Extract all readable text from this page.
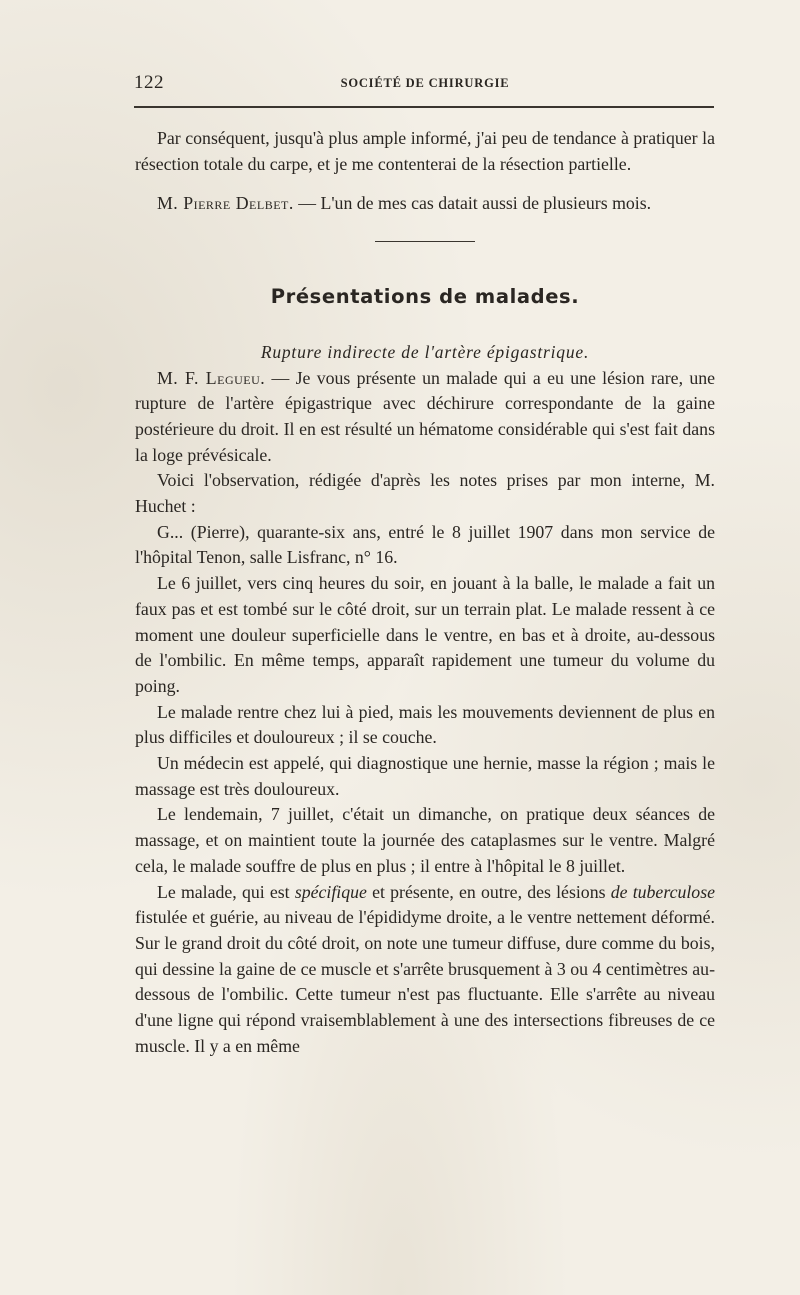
122	SOCIÉTÉ DE CHIRURGIE

Par conséquent, jusqu'à plus ample informé, j'ai peu de tendance à pratiquer la résection totale du carpe, et je me contenterai de la résection partielle.

M. Pierre Delbet. — L'un de mes cas datait aussi de plusieurs mois.

Présentations de malades.
Rupture indirecte de l'artère épigastrique.

M. F. Legueu. — Je vous présente un malade qui a eu une lésion rare, une rupture de l'artère épigastrique avec déchirure correspondante de la gaine postérieure du droit. Il en est résulté un hématome considérable qui s'est fait dans la loge prévésicale.

Voici l'observation, rédigée d'après les notes prises par mon interne, M. Huchet :

G... (Pierre), quarante-six ans, entré le 8 juillet 1907 dans mon service de l'hôpital Tenon, salle Lisfranc, n° 16.

Le 6 juillet, vers cinq heures du soir, en jouant à la balle, le malade a fait un faux pas et est tombé sur le côté droit, sur un terrain plat. Le malade ressent à ce moment une douleur superficielle dans le ventre, en bas et à droite, au-dessous de l'ombilic. En même temps, apparaît rapidement une tumeur du volume du poing.

Le malade rentre chez lui à pied, mais les mouvements deviennent de plus en plus difficiles et douloureux ; il se couche.

Un médecin est appelé, qui diagnostique une hernie, masse la région ; mais le massage est très douloureux.

Le lendemain, 7 juillet, c'était un dimanche, on pratique deux séances de massage, et on maintient toute la journée des cataplasmes sur le ventre. Malgré cela, le malade souffre de plus en plus ; il entre à l'hôpital le 8 juillet.

Le malade, qui est spécifique et présente, en outre, des lésions de tuberculose fistulée et guérie, au niveau de l'épididyme droite, a le ventre nettement déformé. Sur le grand droit du côté droit, on note une tumeur diffuse, dure comme du bois, qui dessine la gaine de ce muscle et s'arrête brusquement à 3 ou 4 centimètres au-dessous de l'ombilic. Cette tumeur n'est pas fluctuante. Elle s'arrête au niveau d'une ligne qui répond vraisemblablement à une des intersections fibreuses de ce muscle. Il y a en même
